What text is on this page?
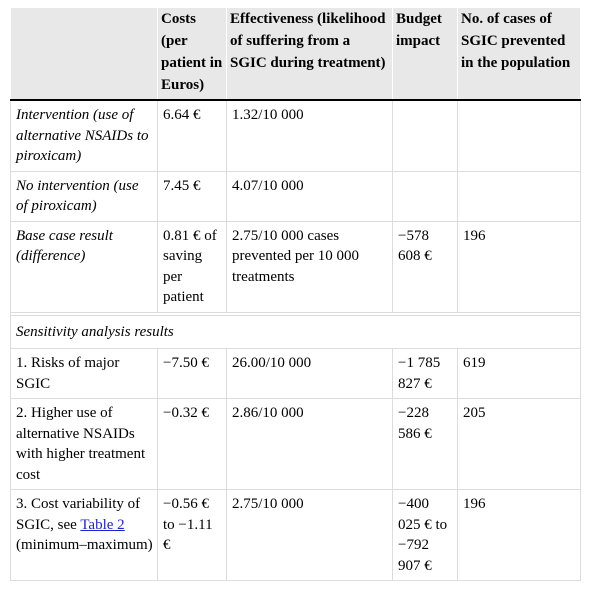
	Costs (per patient in Euros)	Effectiveness (likelihood of suffering from a SGIC during treatment)	Budget impact	No. of cases of SGIC prevented in the population
Intervention (use of alternative NSAIDs to piroxicam)	6.64 €	1.32/10 000		
No intervention (use of piroxicam)	7.45 €	4.07/10 000		
Base case result (difference)	0.81 € of saving per patient	2.75/10 000 cases prevented per 10 000 treatments	−578 608 €	196

Sensitivity analysis results				
1. Risks of major SGIC	−7.50 €	26.00/10 000	−1 785 827 €	619
2. Higher use of alternative NSAIDs with higher treatment cost	−0.32 €	2.86/10 000	−228 586 €	205
3. Cost variability of SGIC, see Table 2 (minimum–maximum)	−0.56 € to −1.11 €	2.75/10 000	−400 025 € to −792 907 €	196
